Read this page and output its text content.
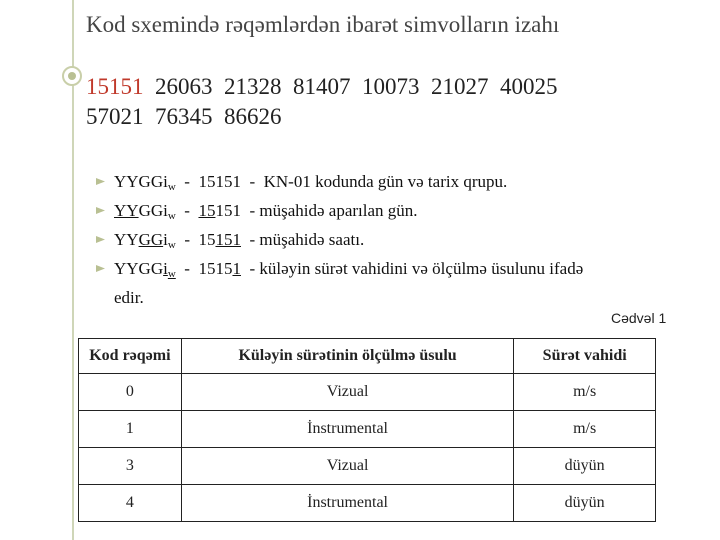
Kod sxemində rəqəmlərdən ibarət simvolların izahı
15151  26063  21328  81407  10073  21027  40025
57021  76345  86626
YYGGi$_w$  -  15151  -  KN-01 kodunda gün və tarix qrupu.
YYGGi$_w$  -  15151  - müşahidə aparılan gün.
YYGGi$_w$  -  15151  - müşahidə saatı.
YYGGi$_w$  -  15151  - küləyin sürət vahidini və ölçülmə üsulunu ifadə
edir.
Cədvəl 1
Kod rəqəmi	Küləyin sürətinin ölçülmə üsulu	Sürət vahidi
0	Vizual	m/s
1	İnstrumental	m/s
3	Vizual	düyün
4	İnstrumental	düyün
